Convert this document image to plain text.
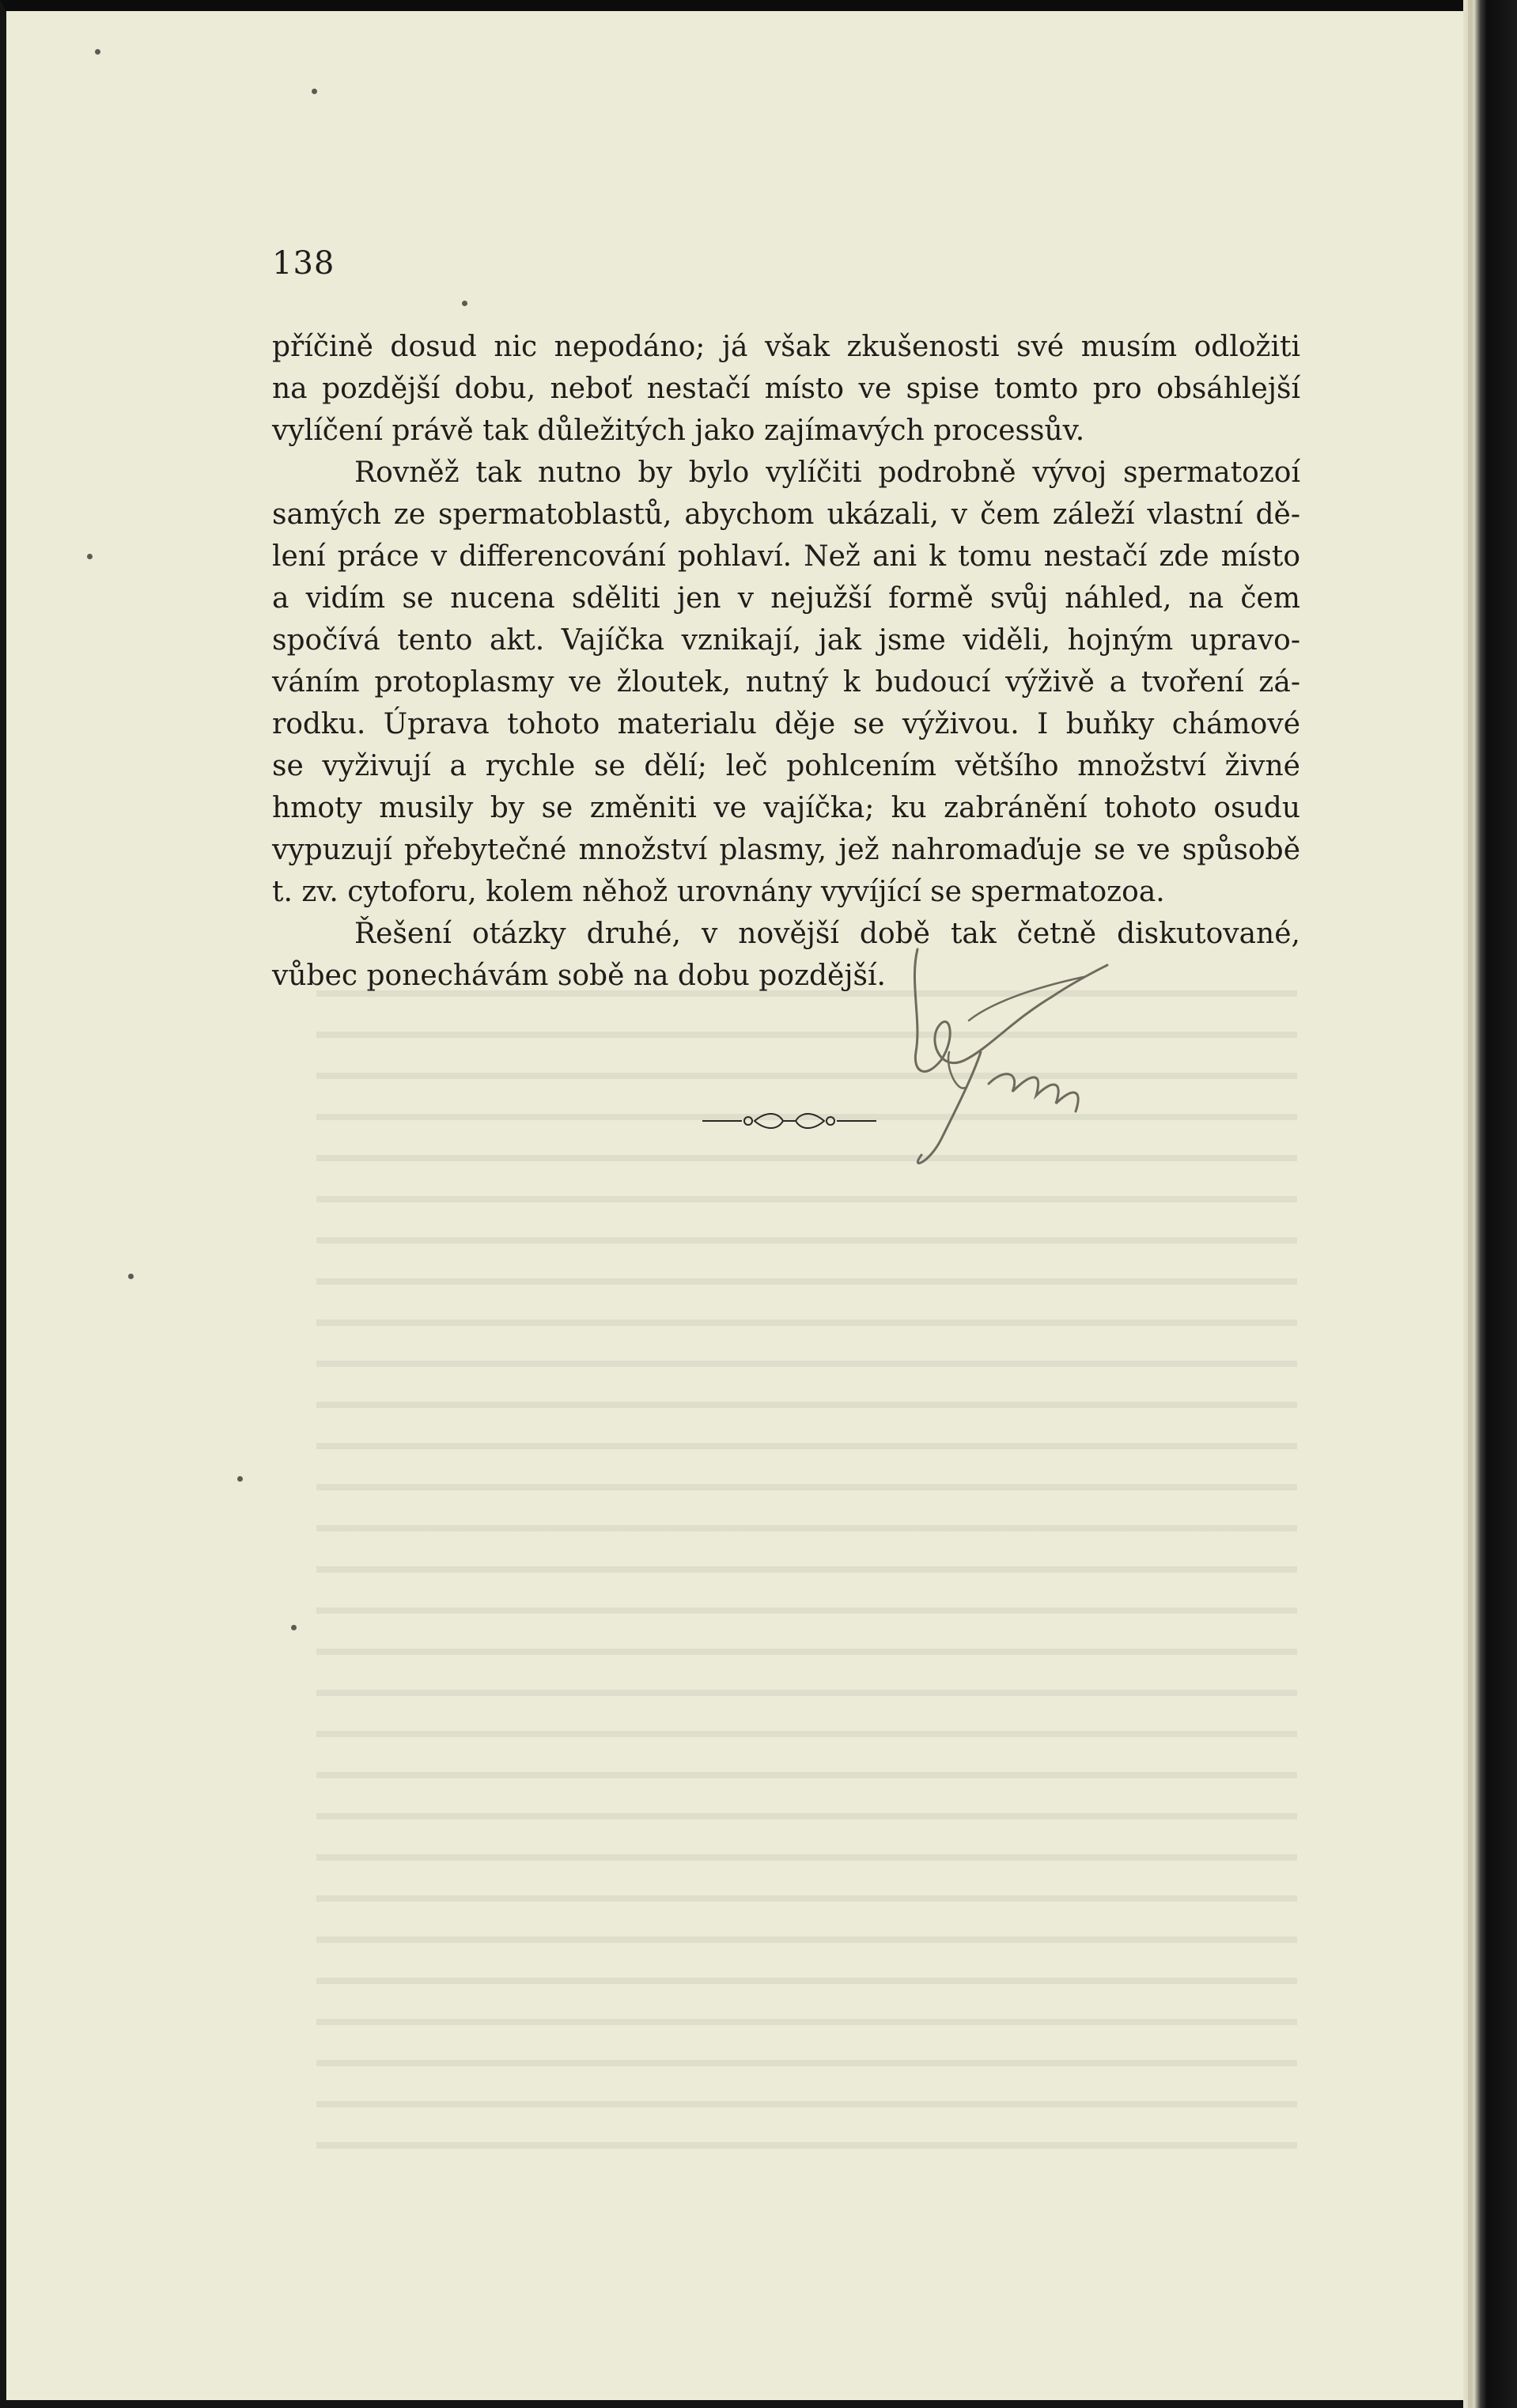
138
příčině dosud nic nepodáno; já však zkušenosti své musím odložiti
na pozdější dobu, neboť nestačí místo ve spise tomto pro obsáhlejší
vylíčení právě tak důležitých jako zajímavých processův.
Rovněž tak nutno by bylo vylíčiti podrobně vývoj spermatozoí
samých ze spermatoblastů, abychom ukázali, v čem záleží vlastní dě-
lení práce v differencování pohlaví. Než ani k tomu nestačí zde místo
a vidím se nucena sděliti jen v nejužší formě svůj náhled, na čem
spočívá tento akt. Vajíčka vznikají, jak jsme viděli, hojným upravo-
váním protoplasmy ve žloutek, nutný k budoucí výživě a tvoření zá-
rodku. Úprava tohoto materialu děje se výživou. I buňky chámové
se vyživují a rychle se dělí; leč pohlcením většího množství živné
hmoty musily by se změniti ve vajíčka; ku zabránění tohoto osudu
vypuzují přebytečné množství plasmy, jež nahromaďuje se ve spůsobě
t. zv. cytoforu, kolem něhož urovnány vyvíjící se spermatozoa.
Řešení otázky druhé, v novější době tak četně diskutované,
vůbec ponechávám sobě na dobu pozdější.
